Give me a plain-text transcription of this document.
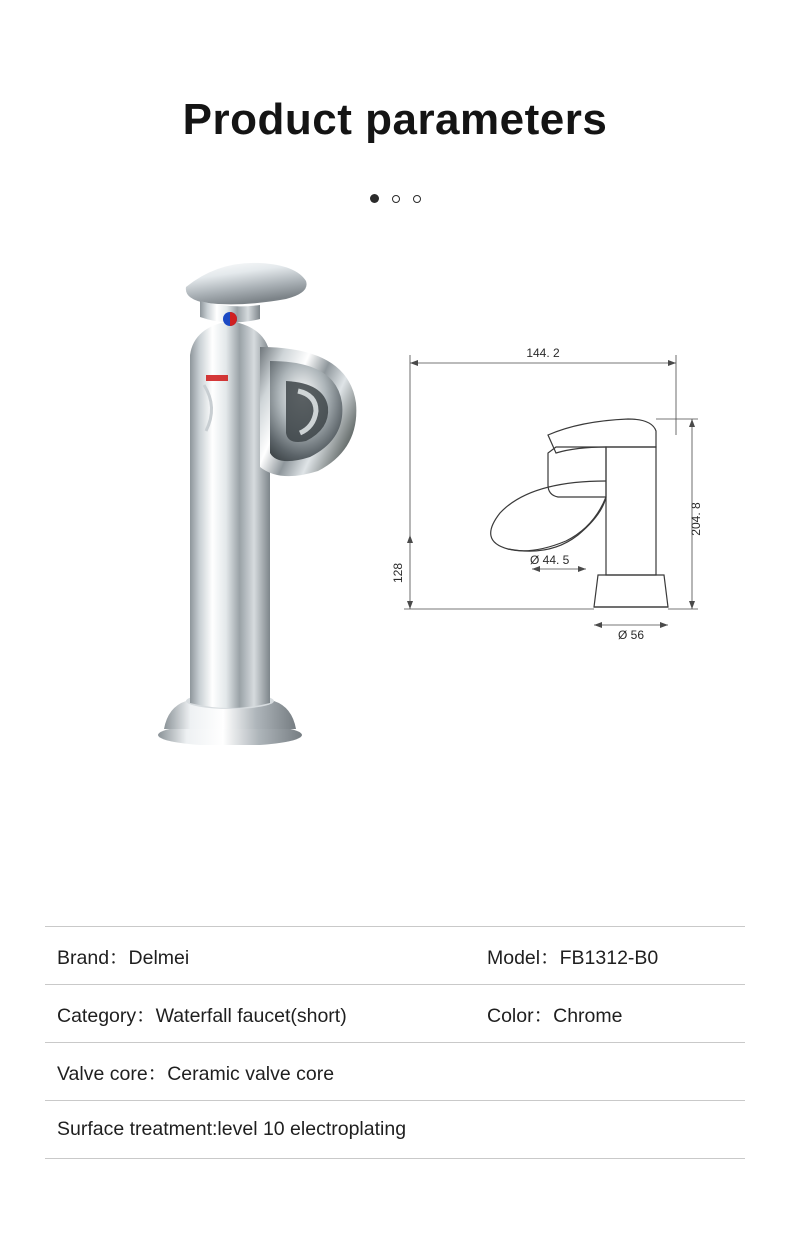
Product parameters
144. 2
204. 8
128
Ø 44. 5
Ø 56
Brand： Delmei	Model： FB1312-B0
Category： Waterfall faucet(short)	Color： Chrome
Valve core： Ceramic valve core
Surface treatment: level 10 electroplating
